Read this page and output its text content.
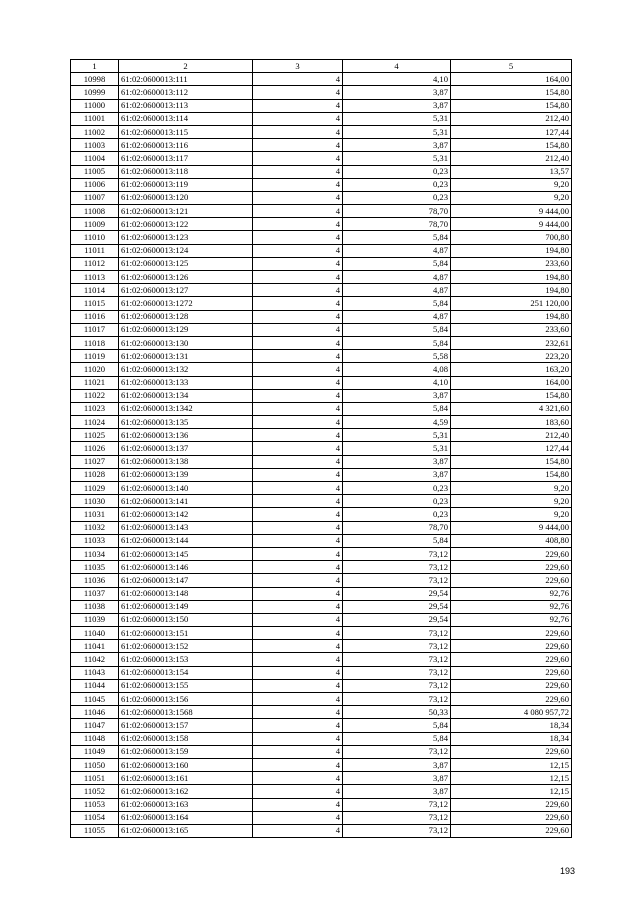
1	2	3	4	5
10998	61:02:0600013:111	4	4,10	164,00
10999	61:02:0600013:112	4	3,87	154,80
11000	61:02:0600013:113	4	3,87	154,80
11001	61:02:0600013:114	4	5,31	212,40
11002	61:02:0600013:115	4	5,31	127,44
11003	61:02:0600013:116	4	3,87	154,80
11004	61:02:0600013:117	4	5,31	212,40
11005	61:02:0600013:118	4	0,23	13,57
11006	61:02:0600013:119	4	0,23	9,20
11007	61:02:0600013:120	4	0,23	9,20
11008	61:02:0600013:121	4	78,70	9 444,00
11009	61:02:0600013:122	4	78,70	9 444,00
11010	61:02:0600013:123	4	5,84	700,80
11011	61:02:0600013:124	4	4,87	194,80
11012	61:02:0600013:125	4	5,84	233,60
11013	61:02:0600013:126	4	4,87	194,80
11014	61:02:0600013:127	4	4,87	194,80
11015	61:02:0600013:1272	4	5,84	251 120,00
11016	61:02:0600013:128	4	4,87	194,80
11017	61:02:0600013:129	4	5,84	233,60
11018	61:02:0600013:130	4	5,84	232,61
11019	61:02:0600013:131	4	5,58	223,20
11020	61:02:0600013:132	4	4,08	163,20
11021	61:02:0600013:133	4	4,10	164,00
11022	61:02:0600013:134	4	3,87	154,80
11023	61:02:0600013:1342	4	5,84	4 321,60
11024	61:02:0600013:135	4	4,59	183,60
11025	61:02:0600013:136	4	5,31	212,40
11026	61:02:0600013:137	4	5,31	127,44
11027	61:02:0600013:138	4	3,87	154,80
11028	61:02:0600013:139	4	3,87	154,80
11029	61:02:0600013:140	4	0,23	9,20
11030	61:02:0600013:141	4	0,23	9,20
11031	61:02:0600013:142	4	0,23	9,20
11032	61:02:0600013:143	4	78,70	9 444,00
11033	61:02:0600013:144	4	5,84	408,80
11034	61:02:0600013:145	4	73,12	229,60
11035	61:02:0600013:146	4	73,12	229,60
11036	61:02:0600013:147	4	73,12	229,60
11037	61:02:0600013:148	4	29,54	92,76
11038	61:02:0600013:149	4	29,54	92,76
11039	61:02:0600013:150	4	29,54	92,76
11040	61:02:0600013:151	4	73,12	229,60
11041	61:02:0600013:152	4	73,12	229,60
11042	61:02:0600013:153	4	73,12	229,60
11043	61:02:0600013:154	4	73,12	229,60
11044	61:02:0600013:155	4	73,12	229,60
11045	61:02:0600013:156	4	73,12	229,60
11046	61:02:0600013:1568	4	50,33	4 080 957,72
11047	61:02:0600013:157	4	5,84	18,34
11048	61:02:0600013:158	4	5,84	18,34
11049	61:02:0600013:159	4	73,12	229,60
11050	61:02:0600013:160	4	3,87	12,15
11051	61:02:0600013:161	4	3,87	12,15
11052	61:02:0600013:162	4	3,87	12,15
11053	61:02:0600013:163	4	73,12	229,60
11054	61:02:0600013:164	4	73,12	229,60
11055	61:02:0600013:165	4	73,12	229,60
193
